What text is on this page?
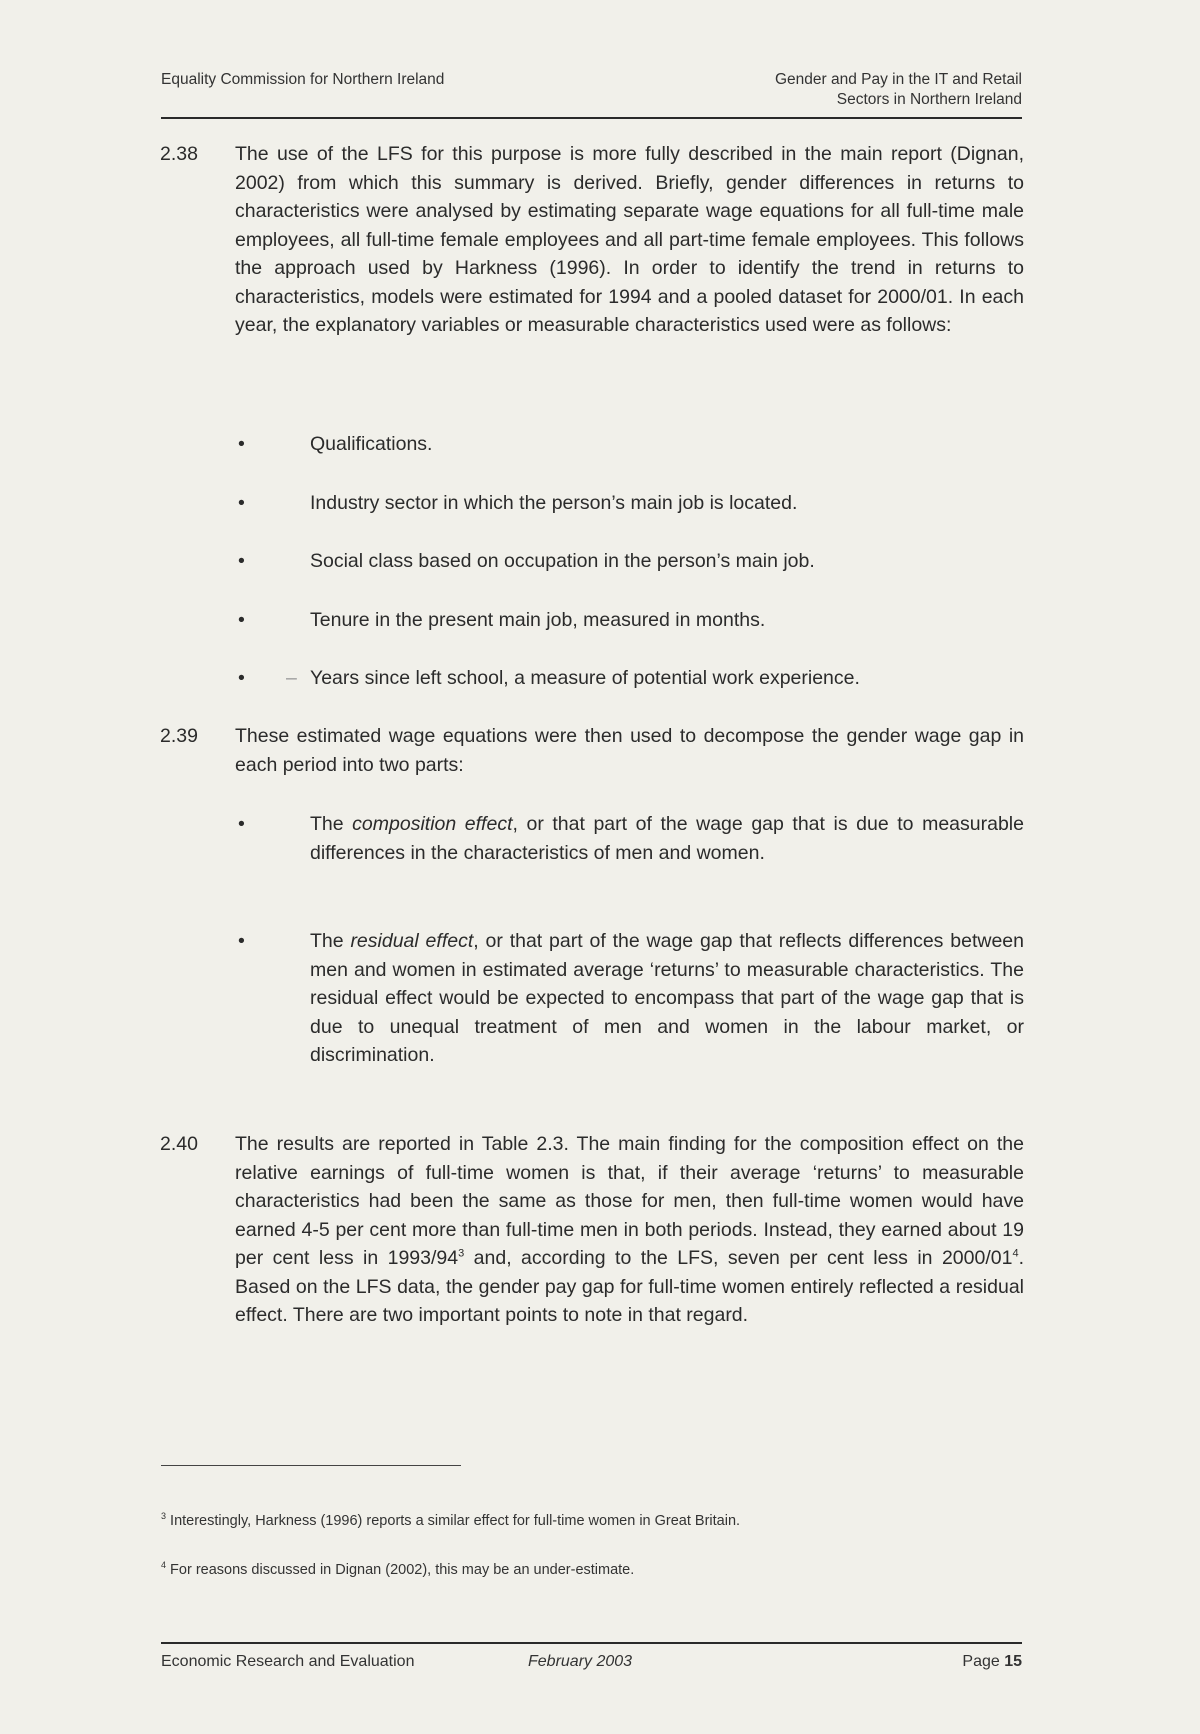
Equality Commission for Northern Ireland	Gender and Pay in the IT and Retail
Sectors in Northern Ireland
2.38	The use of the LFS for this purpose is more fully described in the main report (Dignan, 2002) from which this summary is derived. Briefly, gender differences in returns to characteristics were analysed by estimating separate wage equations for all full-time male employees, all full-time female employees and all part-time female employees. This follows the approach used by Harkness (1996). In order to identify the trend in returns to characteristics, models were estimated for 1994 and a pooled dataset for 2000/01. In each year, the explanatory variables or measurable characteristics used were as follows:

•	Qualifications.
•	Industry sector in which the person’s main job is located.
•	Social class based on occupation in the person’s main job.
•	Tenure in the present main job, measured in months.
• – Years since left school, a measure of potential work experience.
2.39	These estimated wage equations were then used to decompose the gender wage gap in each period into two parts:

•	The composition effect, or that part of the wage gap that is due to measurable differences in the characteristics of men and women.
•	The residual effect, or that part of the wage gap that reflects differences between men and women in estimated average ‘returns’ to measurable characteristics. The residual effect would be expected to encompass that part of the wage gap that is due to unequal treatment of men and women in the labour market, or discrimination.
2.40	The results are reported in Table 2.3. The main finding for the composition effect on the relative earnings of full-time women is that, if their average ‘returns’ to measurable characteristics had been the same as those for men, then full-time women would have earned 4-5 per cent more than full-time men in both periods. Instead, they earned about 19 per cent less in $1993/94^3$ and, according to the LFS, seven per cent less in $2000/01^4$. Based on the LFS data, the gender pay gap for full-time women entirely reflected a residual effect. There are two important points to note in that regard.

$^3$ Interestingly, Harkness (1996) reports a similar effect for full-time women in Great Britain.
$^4$ For reasons discussed in Dignan (2002), this may be an under-estimate.
Economic Research and Evaluation	February 2003	Page 15
